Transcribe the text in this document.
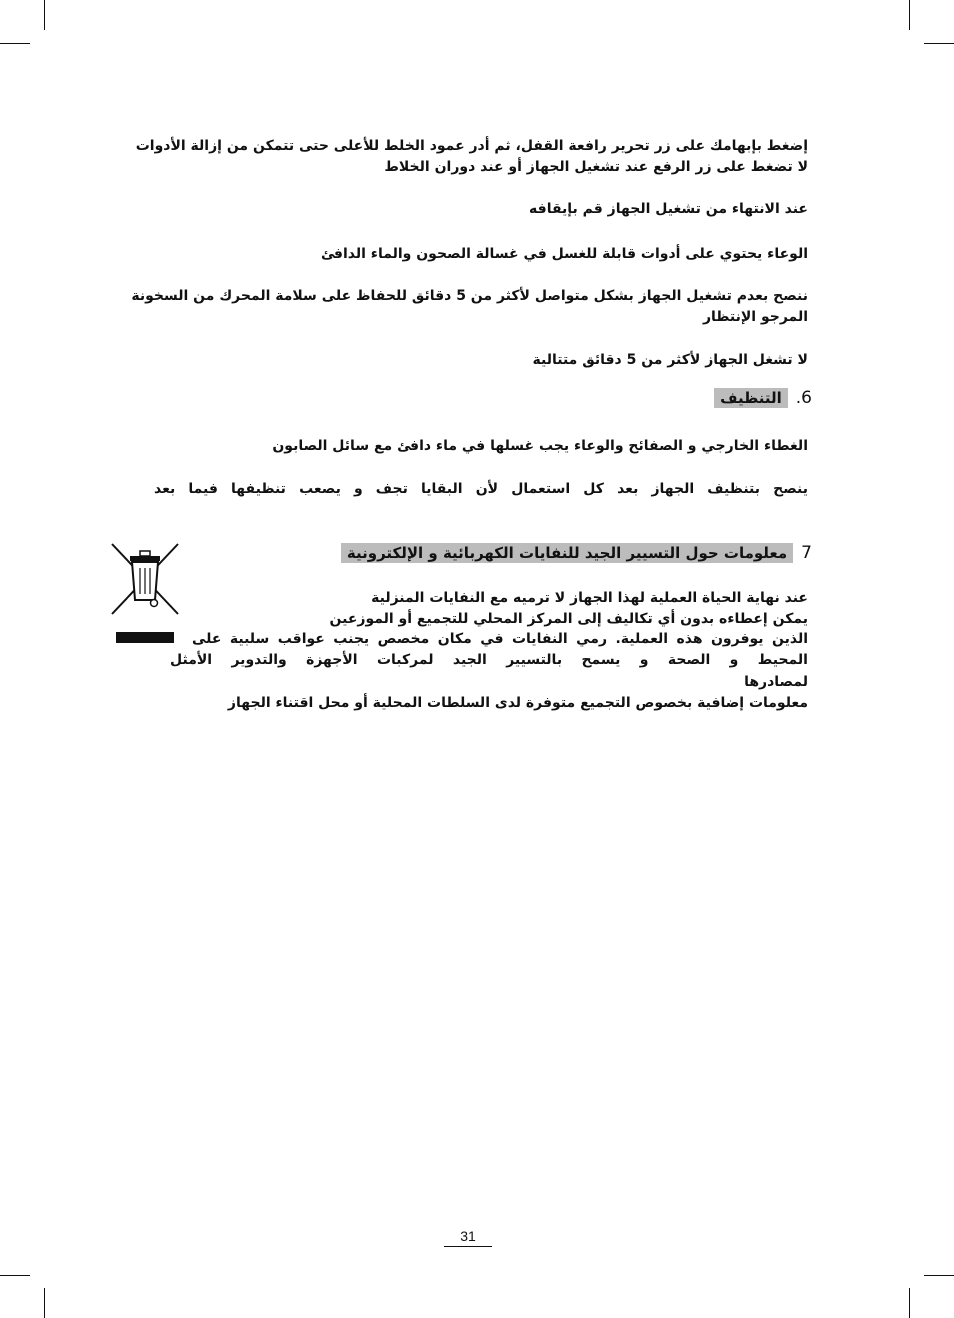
إضغط بإبهامك على زر تحرير رافعة القفل، ثم أدر عمود الخلط للأعلى حتى تتمكن من إزالة الأدوات
لا تضغط على زر الرفع عند تشغيل الجهاز أو عند دوران الخلاط
عند الانتهاء من تشغيل الجهاز قم بإيقافه
الوعاء يحتوي على أدوات قابلة للغسل في غسالة الصحون والماء الدافئ
ننصح بعدم تشغيل الجهاز بشكل متواصل لأكثر من 5 دقائق للحفاظ على سلامة المحرك من السخونة
المرجو الإنتظار
لا تشغل الجهاز لأكثر من 5 دقائق متتالية
6.
التنظيف
الغطاء الخارجي و الصفائح والوعاء يجب غسلها في ماء دافئ مع سائل الصابون
ينصح بتنظيف الجهاز بعد كل استعمال لأن البقايا تجف و يصعب تنظيفها فيما بعد
7
معلومات حول التسيير الجيد للنفايات الكهربائية و الإلكترونية
عند نهاية الحياة العملية لهذا الجهاز لا ترميه مع النفايات المنزلية
يمكن إعطاءه بدون أي تكاليف إلى المركز المحلي للتجميع أو الموزعين
الذين يوفرون هذه العملية. رمي النفايات في مكان مخصص يجنب عواقب سلبية على
المحيط و الصحة و يسمح بالتسيير الجيد لمركبات الأجهزة والتدوير الأمثل
لمصادرها
معلومات إضافية بخصوص التجميع متوفرة لدى السلطات المحلية أو محل اقتناء الجهاز
31
